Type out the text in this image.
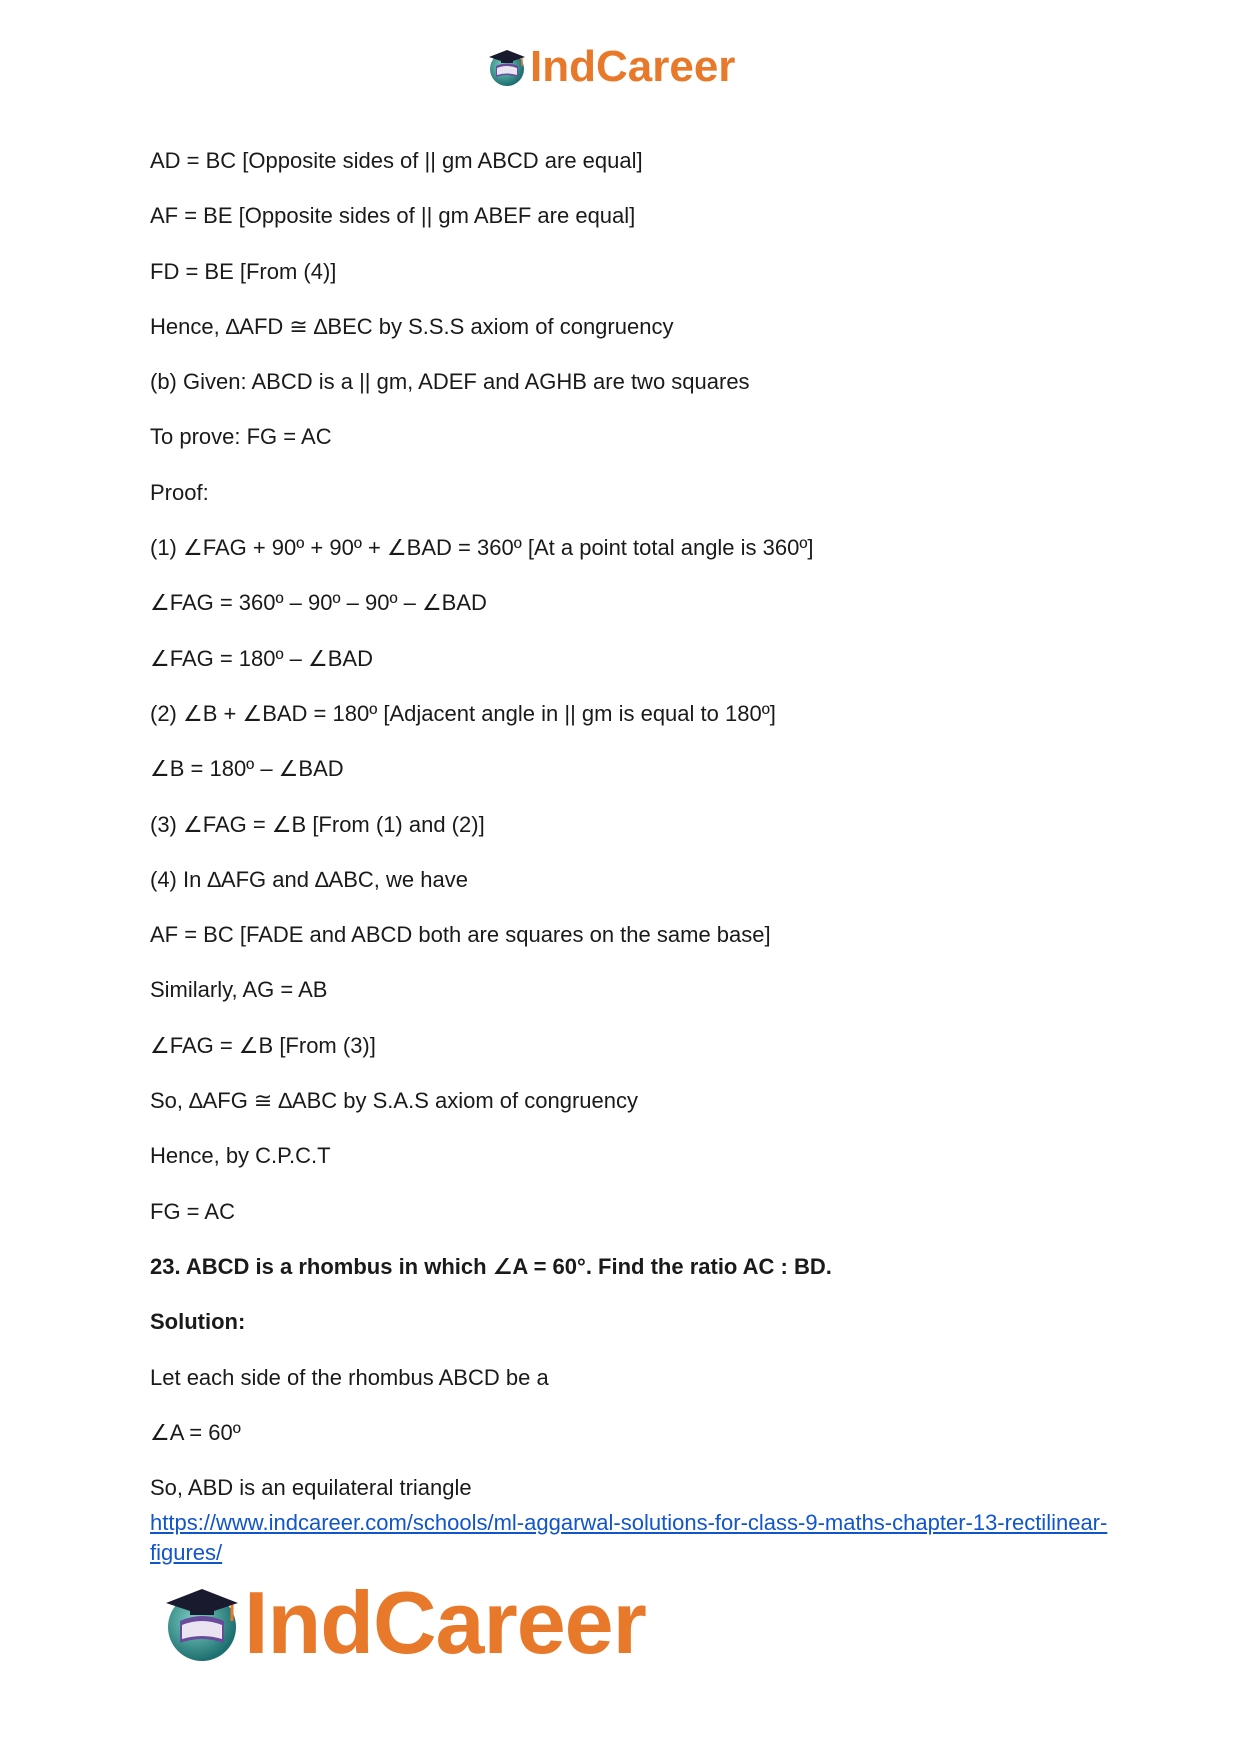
IndCareer
AD = BC [Opposite sides of || gm ABCD are equal]
AF = BE [Opposite sides of || gm ABEF are equal]
FD = BE [From (4)]
Hence, ∆AFD ≅ ∆BEC by S.S.S axiom of congruency
(b) Given: ABCD is a || gm, ADEF and AGHB are two squares
To prove: FG = AC
Proof:
(1) ∠FAG + 90º + 90º + ∠BAD = 360º [At a point total angle is 360º]
∠FAG = 360º – 90º – 90º – ∠BAD
∠FAG = 180º – ∠BAD
(2) ∠B + ∠BAD = 180º [Adjacent angle in || gm is equal to 180º]
∠B = 180º – ∠BAD
(3) ∠FAG = ∠B [From (1) and (2)]
(4) In ∆AFG and ∆ABC, we have
AF = BC [FADE and ABCD both are squares on the same base]
Similarly, AG = AB
∠FAG = ∠B [From (3)]
So, ∆AFG ≅ ∆ABC by S.A.S axiom of congruency
Hence, by C.P.C.T
FG = AC
23. ABCD is a rhombus in which ∠A = 60°. Find the ratio AC : BD.
Solution:
Let each side of the rhombus ABCD be a
∠A = 60º
So, ABD is an equilateral triangle
https://www.indcareer.com/schools/ml-aggarwal-solutions-for-class-9-maths-chapter-13-rectilinear-figures/
IndCareer
